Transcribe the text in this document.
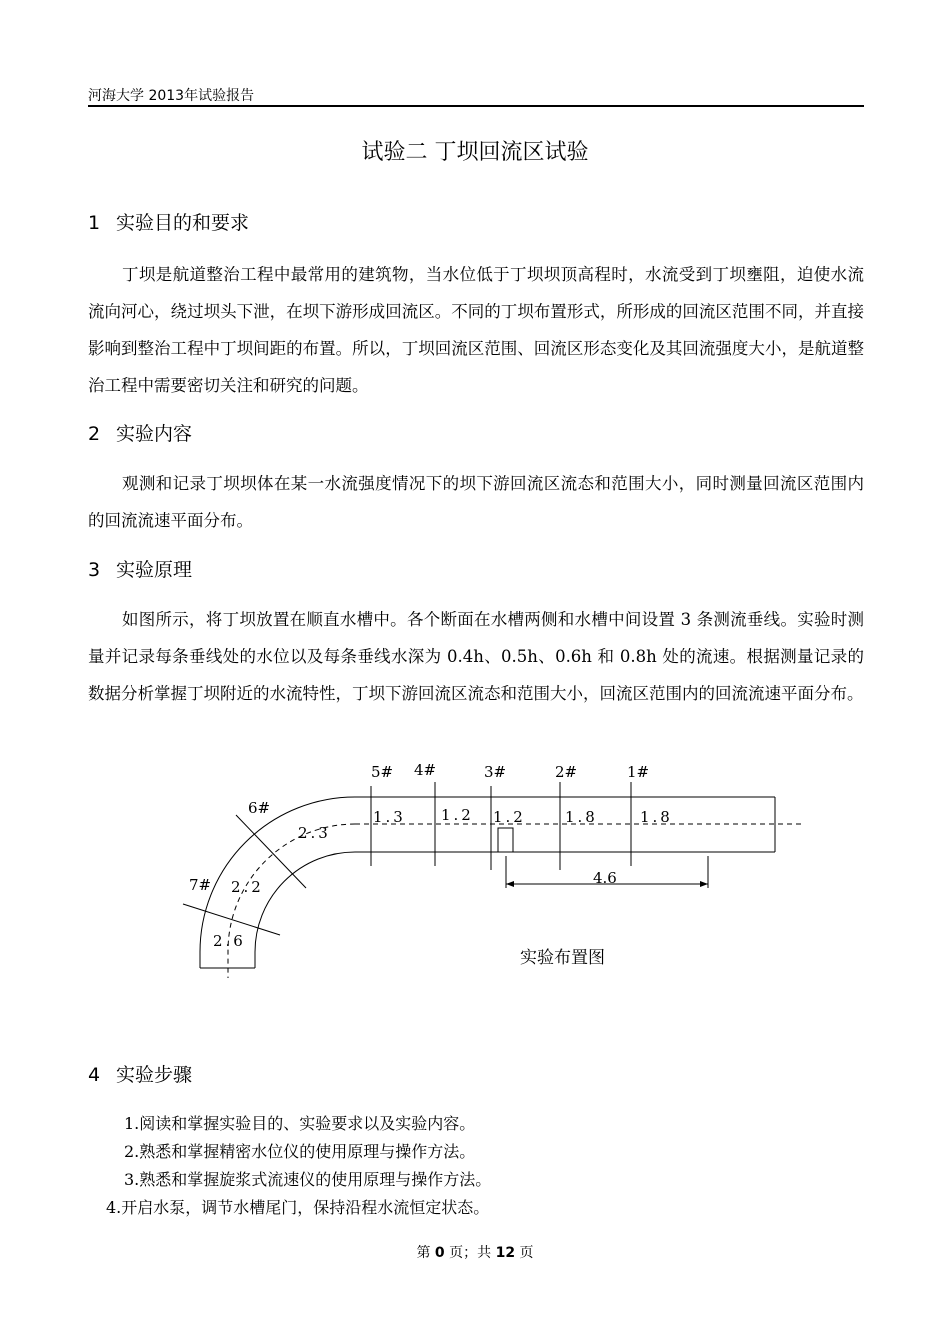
河海大学 2013年试验报告
试验二 丁坝回流区试验
1 实验目的和要求

丁坝是航道整治工程中最常用的建筑物，当水位低于丁坝坝顶高程时，水流受到丁坝壅阻，迫使水流流向河心，绕过坝头下泄，在坝下游形成回流区。不同的丁坝布置形式，所形成的回流区范围不同，并直接影响到整治工程中丁坝间距的布置。所以，丁坝回流区范围、回流区形态变化及其回流强度大小，是航道整治工程中需要密切关注和研究的问题。

2 实验内容

观测和记录丁坝坝体在某一水流强度情况下的坝下游回流区流态和范围大小，同时测量回流区范围内的回流流速平面分布。

3 实验原理

如图所示，将丁坝放置在顺直水槽中。各个断面在水槽两侧和水槽中间设置 3 条测流垂线。实验时测量并记录每条垂线处的水位以及每条垂线水深为 0.4h、0.5h、0.6h 和 0.8h 处的流速。根据测量记录的数据分析掌握丁坝附近的水流特性，丁坝下游回流区流态和范围大小，回流区范围内的回流流速平面分布。

4.6
5# 4#	3#	2#	1#
6#
7#
1.3 1.2 1.2	1.8	1.8
2.3
2.2
2.6
实验布置图
4 实验步骤
1.阅读和掌握实验目的、实验要求以及实验内容。
2.熟悉和掌握精密水位仪的使用原理与操作方法。
3.熟悉和掌握旋浆式流速仪的使用原理与操作方法。
4.开启水泵，调节水槽尾门，保持沿程水流恒定状态。
第 0 页；共 12 页
